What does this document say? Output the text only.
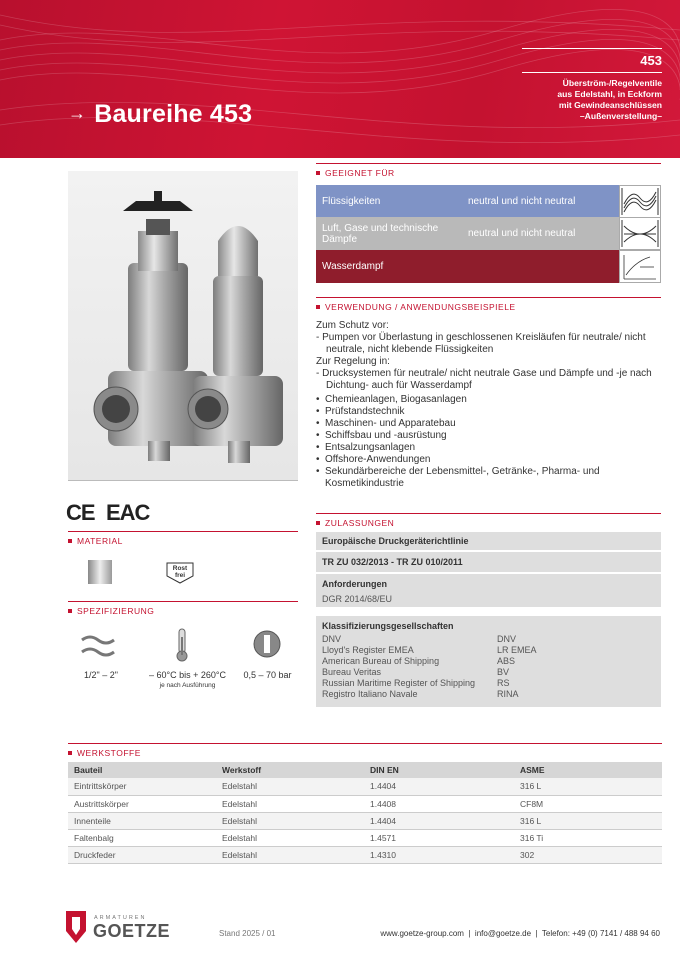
→ Baureihe 453
453
Überström-/Regelventile
aus Edelstahl, in Eckform
mit Gewindeanschlüssen
–Außenverstellung–
CE EAC
MATERIAL
Rost
frei
SPEZIFIZIERUNG
1/2" – 2"	– 60°C bis + 260°C
je nach Ausführung
0,5 – 70 bar
GEEIGNET FÜR
Flüssigkeiten	neutral und nicht neutral
Luft, Gase und technische Dämpfe	neutral und nicht neutral
Wasserdampf
VERWENDUNG / ANWENDUNGSBEISPIELE
Zum Schutz vor:
- Pumpen vor Überlastung in geschlossenen Kreisläufen für neutrale/ nicht neutrale, nicht klebende Flüssigkeiten
Zur Regelung in:
- Drucksystemen für neutrale/ nicht neutrale Gase und Dämpfe und -je nach Dichtung- auch für Wasserdampf
• Chemieanlagen, Biogasanlagen
• Prüfstandstechnik
• Maschinen- und Apparatebau
• Schiffsbau und -ausrüstung
• Entsalzungsanlagen
• Offshore-Anwendungen
• Sekundärbereiche der Lebensmittel-, Getränke-, Pharma- und Kosmetikindustrie
ZULASSUNGEN
Europäische Druckgeräterichtlinie
TR ZU 032/2013 - TR ZU 010/2011
Anforderungen
DGR 2014/68/EU
Klassifizierungsgesellschaften
DNV	DNV
Lloyd's Register EMEA	LR EMEA
American Bureau of Shipping	ABS
Bureau Veritas	BV
Russian Maritime Register of Shipping RS
Registro Italiano Navale	RINA
WERKSTOFFE
Bauteil	Werkstoff	DIN EN	ASME
Eintrittskörper	Edelstahl	1.4404	316 L
Austrittskörper	Edelstahl	1.4408	CF8M
Innenteile	Edelstahl	1.4404	316 L
Faltenbalg	Edelstahl	1.4571	316 Ti
Druckfeder	Edelstahl	1.4310	302
ARMATUREN
GOETZE	Stand 2025 / 01	www.goetze-group.com  |  info@goetze.de  |  Telefon: +49 (0) 7141 / 488 94 60
